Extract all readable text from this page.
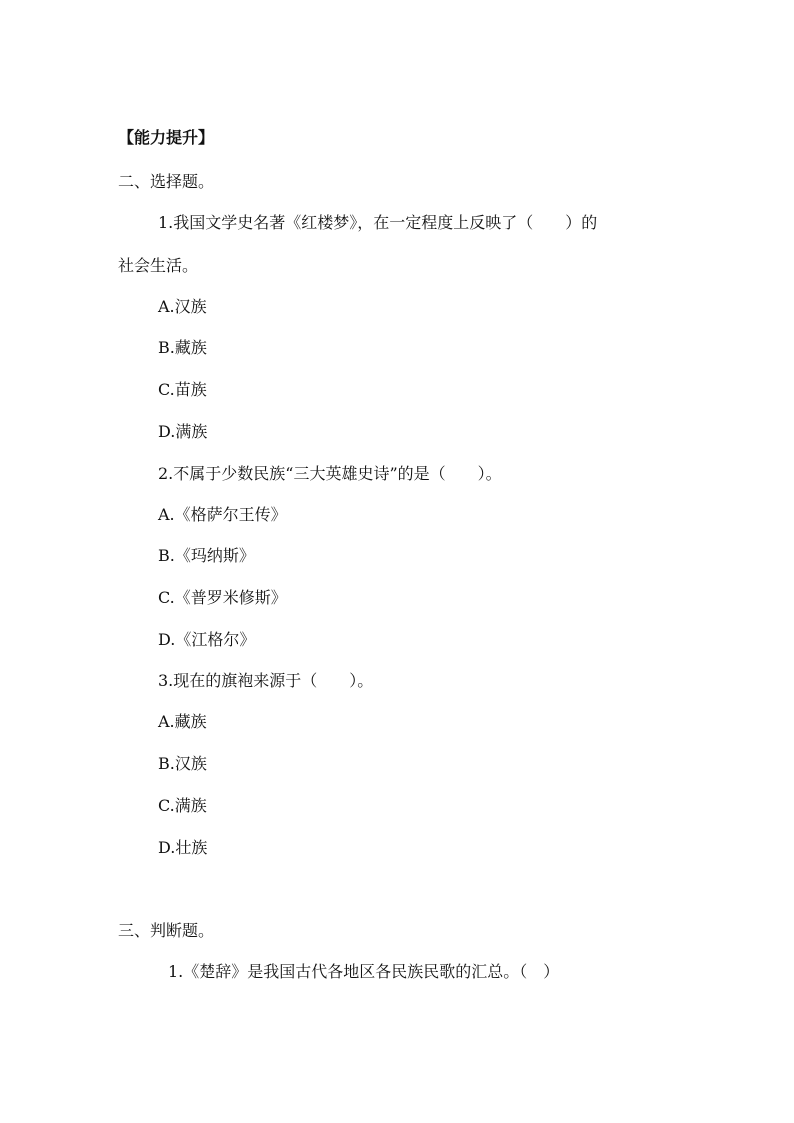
【能力提升】
二、选择题。
1.我国文学史名著《红楼梦》，在一定程度上反映了（　　）的
社会生活。
A.汉族
B.藏族
C.苗族
D.满族
2.不属于少数民族“三大英雄史诗”的是（　　）。
A.《格萨尔王传》
B.《玛纳斯》
C.《普罗米修斯》
D.《江格尔》
3.现在的旗袍来源于（　　）。
A.藏族
B.汉族
C.满族
D.壮族
三、判断题。
1.《楚辞》是我国古代各地区各民族民歌的汇总。（　）
